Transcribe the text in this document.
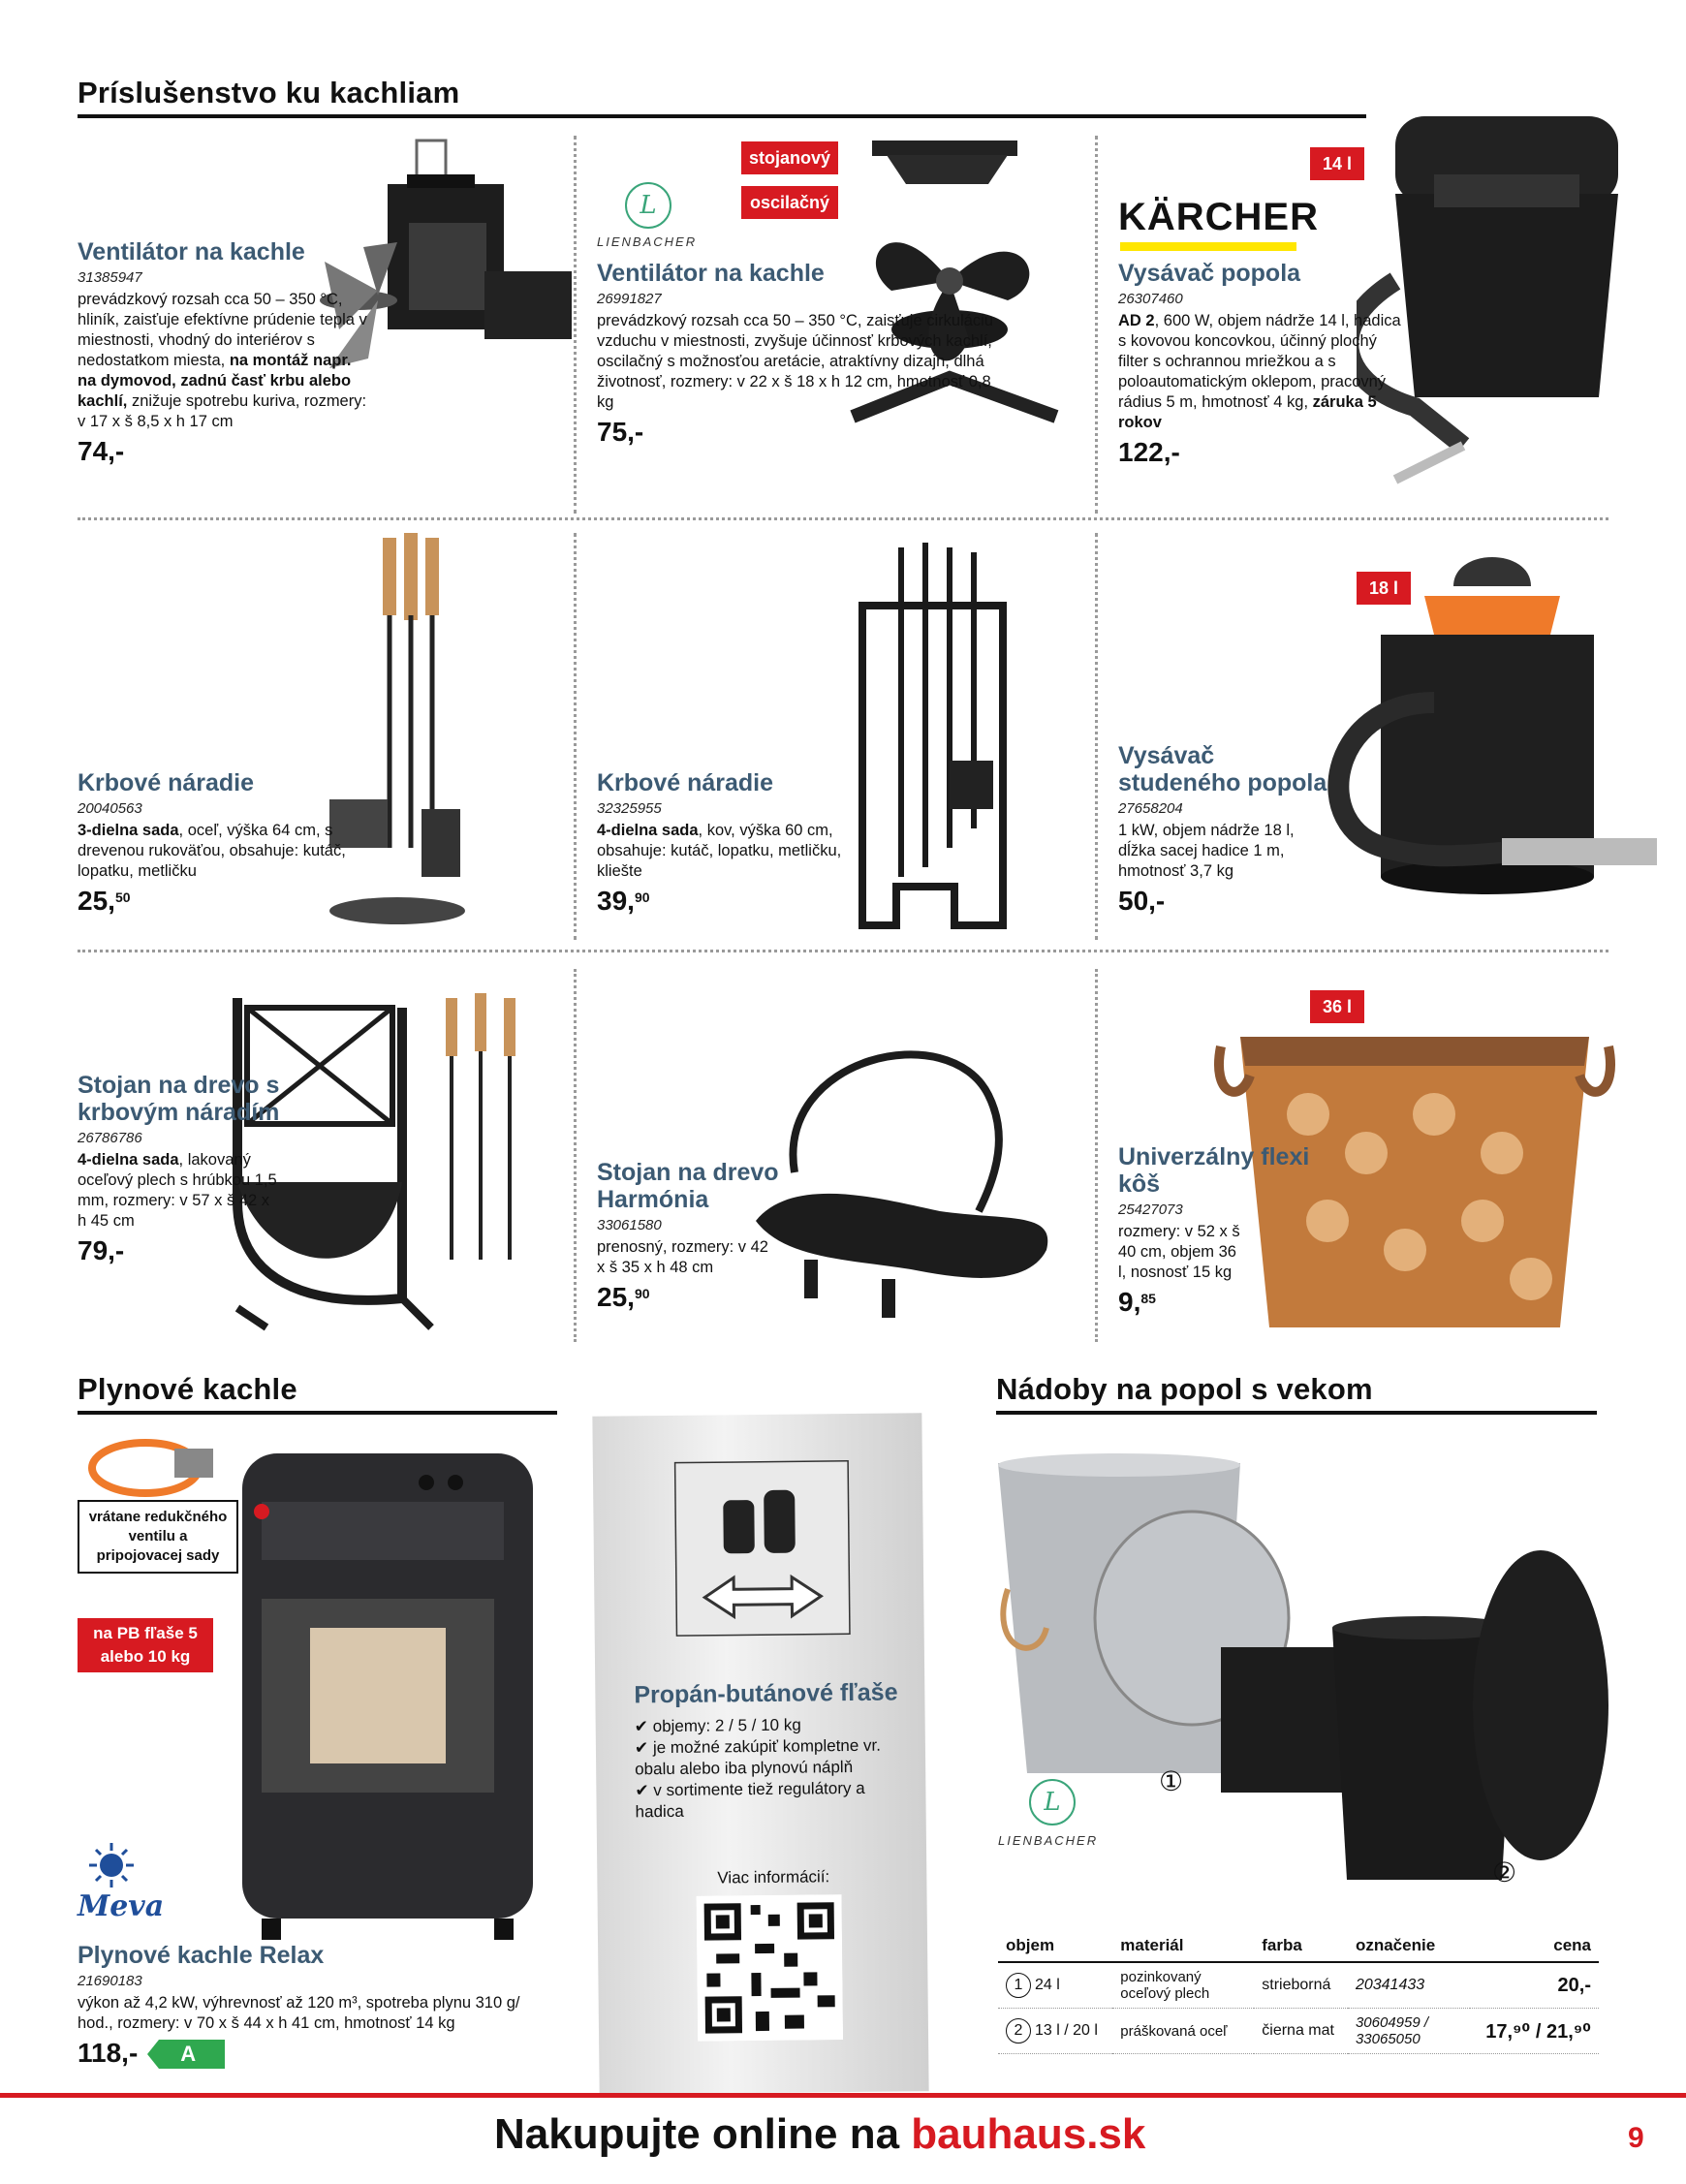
Príslušenstvo ku kachliam
Ventilátor na kachle
31385947
prevádzkový rozsah cca 50 – 350 °C, hliník, zaisťuje efektívne prúdenie tepla v miestnosti, vhodný do interiérov s nedostatkom miesta, na montáž napr. na dymovod, zadnú časť krbu alebo kachlí, znižuje spotrebu kuriva, rozmery: v 17 x š 8,5 x h 17 cm
74,-
stojanový
oscilačný
L
LIENBACHER
Ventilátor na kachle
26991827
prevádzkový rozsah cca 50 – 350 °C, zaisťuje cirkuláciu vzduchu v miestnosti, zvyšuje účinnosť krbových kachlí, oscilačný s možnosťou aretácie, atraktívny dizajn, dlhá životnosť, rozmery: v 22 x š 18 x h 12 cm, hmotnosť 0,8 kg
75,-
14 l
KÄRCHER
Vysávač popola
26307460
AD 2, 600 W, objem nádrže 14 l, hadica s kovovou koncovkou, účinný plochý filter s ochrannou mriežkou a s poloautomatickým oklepom, pracovný rádius 5 m, hmotnosť 4 kg, záruka 5 rokov
122,-
Krbové náradie
20040563
3-dielna sada, oceľ, výška 64 cm, s drevenou rukoväťou, obsahuje: kutáč, lopatku, metličku
25,50
Krbové náradie
32325955
4-dielna sada, kov, výška 60 cm, obsahuje: kutáč, lopatku, metličku, kliešte
39,90
18 l
Vysávač studeného popola
27658204
1 kW, objem nádrže 18 l, dĺžka sacej hadice 1 m, hmotnosť 3,7 kg
50,-
Stojan na drevo s krbovým náradím
26786786
4-dielna sada, lakovaný oceľový plech s hrúbkou 1,5 mm, rozmery: v 57 x š 42 x h 45 cm
79,-
Stojan na drevo Harmónia
33061580
prenosný, rozmery: v 42 x š 35 x h 48 cm
25,90
36 l
Univerzálny flexi kôš
25427073
rozmery: v 52 x š 40 cm, objem 36 l, nosnosť 15 kg
9,85
Plynové kachle
vrátane redukčného ventilu a pripojovacej sady
na PB fľaše 5 alebo 10 kg
Meva
Plynové kachle Relax
21690183
výkon až 4,2 kW, výhrevnosť až 120 m³, spotreba plynu 310 g/ hod., rozmery: v 70 x š 44 x h 41 cm, hmotnosť 14 kg
118,- A
Propán-butánové fľaše
✔ objemy: 2 / 5 / 10 kg
✔ je možné zakúpiť kompletne vr. obalu alebo iba plynovú náplň
✔ v sortimente tiež regulátory a hadica
Viac informácií:
Nádoby na popol s vekom
①
②
L
LIENBACHER
objem	materiál	farba	označenie	cena
1 24 l	pozinkovaný oceľový plech	strieborná	20341433	20,-
2 13 l / 20 l	práškovaná oceľ	čierna mat	30604959 / 33065050	17,⁹⁰ / 21,⁹⁰
Nakupujte online na bauhaus.sk	9
